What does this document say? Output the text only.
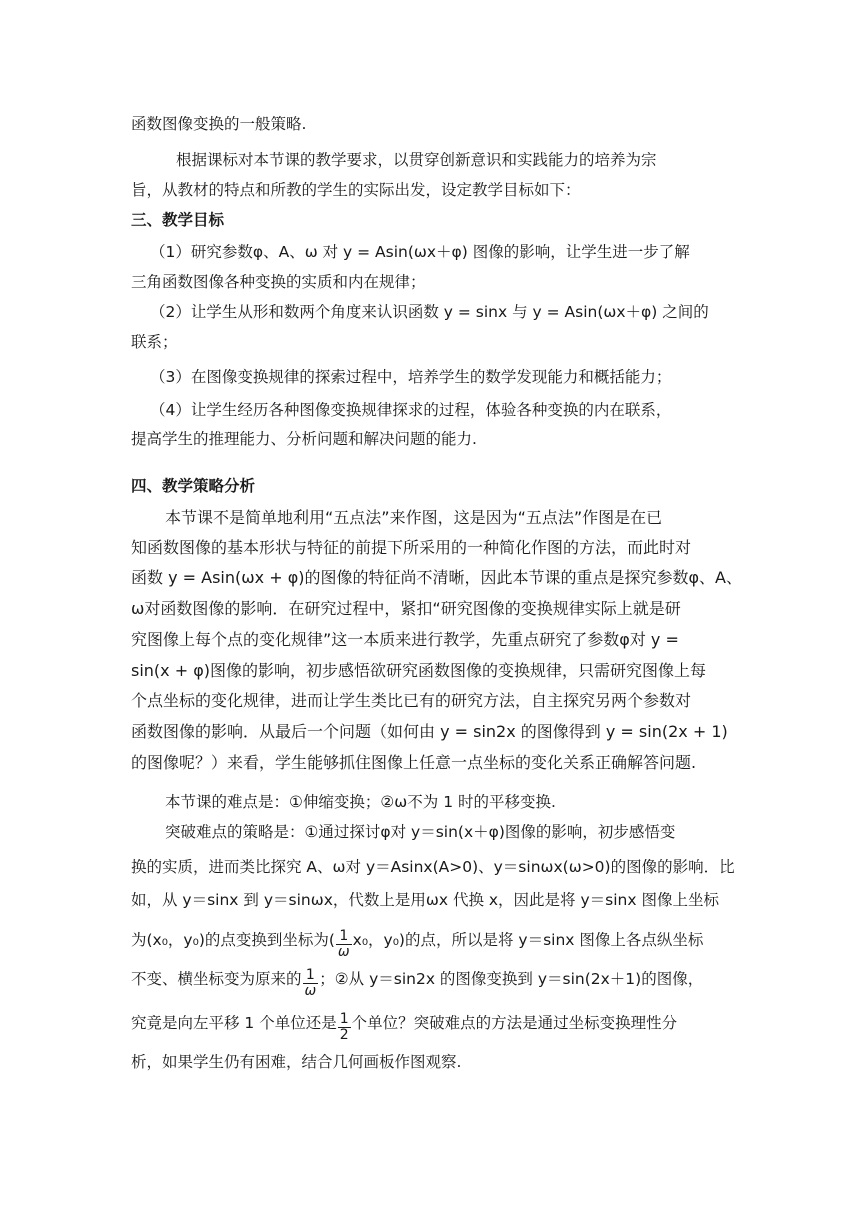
函数图像变换的一般策略.
根据课标对本节课的教学要求，以贯穿创新意识和实践能力的培养为宗
旨，从教材的特点和所教的学生的实际出发，设定教学目标如下：
三、教学目标
（1）研究参数φ、A、ω 对 y = Asin(ωx＋φ) 图像的影响，让学生进一步了解
三角函数图像各种变换的实质和内在规律；
（2）让学生从形和数两个角度来认识函数 y = sinx 与 y = Asin(ωx＋φ) 之间的
联系；
（3）在图像变换规律的探索过程中，培养学生的数学发现能力和概括能力；
（4）让学生经历各种图像变换规律探求的过程，体验各种变换的内在联系，
提高学生的推理能力、分析问题和解决问题的能力.
四、教学策略分析
本节课不是简单地利用“五点法”来作图，这是因为“五点法”作图是在已
知函数图像的基本形状与特征的前提下所采用的一种简化作图的方法，而此时对
函数 y = Asin(ωx + φ)的图像的特征尚不清晰，因此本节课的重点是探究参数φ、A、
ω对函数图像的影响．在研究过程中，紧扣“研究图像的变换规律实际上就是研
究图像上每个点的变化规律”这一本质来进行教学，先重点研究了参数φ对 y =
sin(x + φ)图像的影响，初步感悟欲研究函数图像的变换规律，只需研究图像上每
个点坐标的变化规律，进而让学生类比已有的研究方法，自主探究另两个参数对
函数图像的影响．从最后一个问题（如何由 y = sin2x 的图像得到 y = sin(2x + 1)
的图像呢？）来看，学生能够抓住图像上任意一点坐标的变化关系正确解答问题.
本节课的难点是：①伸缩变换；②ω不为 1 时的平移变换.
突破难点的策略是：①通过探讨φ对 y＝sin(x＋φ)图像的影响，初步感悟变
换的实质，进而类比探究 A、ω对 y＝Asinx(A>0)、y＝sinωx(ω>0)的图像的影响．比
如，从 y＝sinx 到 y＝sinωx，代数上是用ωx 代换 x，因此是将 y＝sinx 图像上坐标
为(x₀，y₀)的点变换到坐标为( $\frac{1}{\omega} x_0$，y₀)的点，所以是将 y＝sinx 图像上各点纵坐标
不变、横坐标变为原来的 $\frac{1}{\omega}$ ；②从 y＝sin2x 的图像变换到 y＝sin(2x＋1)的图像，
究竟是向左平移 1 个单位还是 $\frac{1}{2}$ 个单位？突破难点的方法是通过坐标变换理性分
析，如果学生仍有困难，结合几何画板作图观察.
